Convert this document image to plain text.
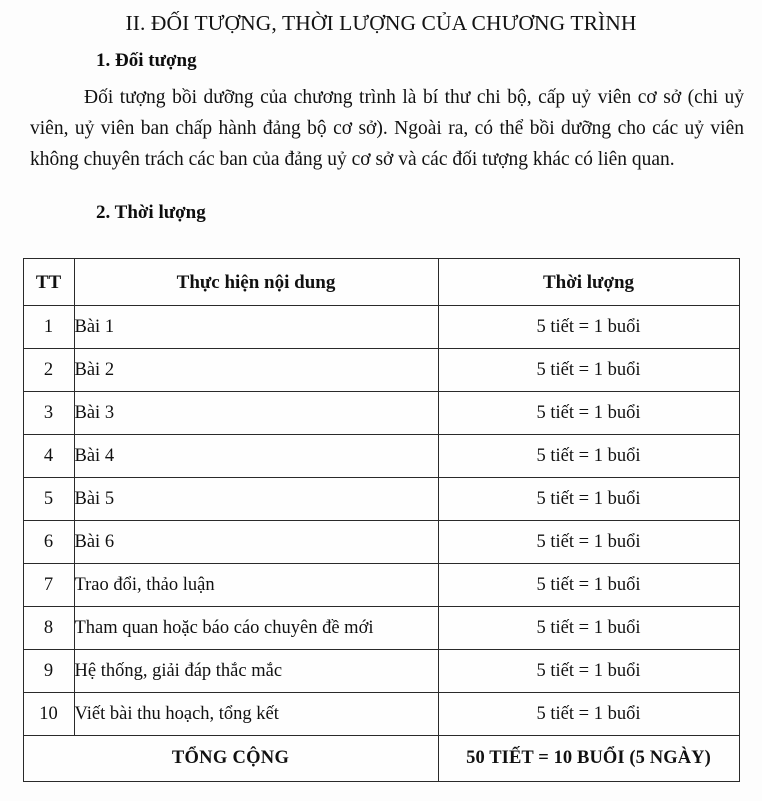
II. ĐỐI TƯỢNG, THỜI LƯỢNG CỦA CHƯƠNG TRÌNH
1. Đối tượng

Đối tượng bồi dưỡng của chương trình là bí thư chi bộ, cấp uỷ viên cơ sở (chi uỷ viên, uỷ viên ban chấp hành đảng bộ cơ sở). Ngoài ra, có thể bồi dưỡng cho các uỷ viên không chuyên trách các ban của đảng uỷ cơ sở và các đối tượng khác có liên quan.

2. Thời lượng
TT	Thực hiện nội dung	Thời lượng
1	Bài 1	5 tiết = 1 buổi
2	Bài 2	5 tiết = 1 buổi
3	Bài 3	5 tiết = 1 buổi
4	Bài 4	5 tiết = 1 buổi
5	Bài 5	5 tiết = 1 buổi
6	Bài 6	5 tiết = 1 buổi
7	Trao đổi, thảo luận	5 tiết = 1 buổi
8	Tham quan hoặc báo cáo chuyên đề mới	5 tiết = 1 buổi
9	Hệ thống, giải đáp thắc mắc	5 tiết = 1 buổi
10	Viết bài thu hoạch, tổng kết	5 tiết = 1 buổi
TỔNG CỘNG		50 TIẾT = 10 BUỔI (5 NGÀY)
